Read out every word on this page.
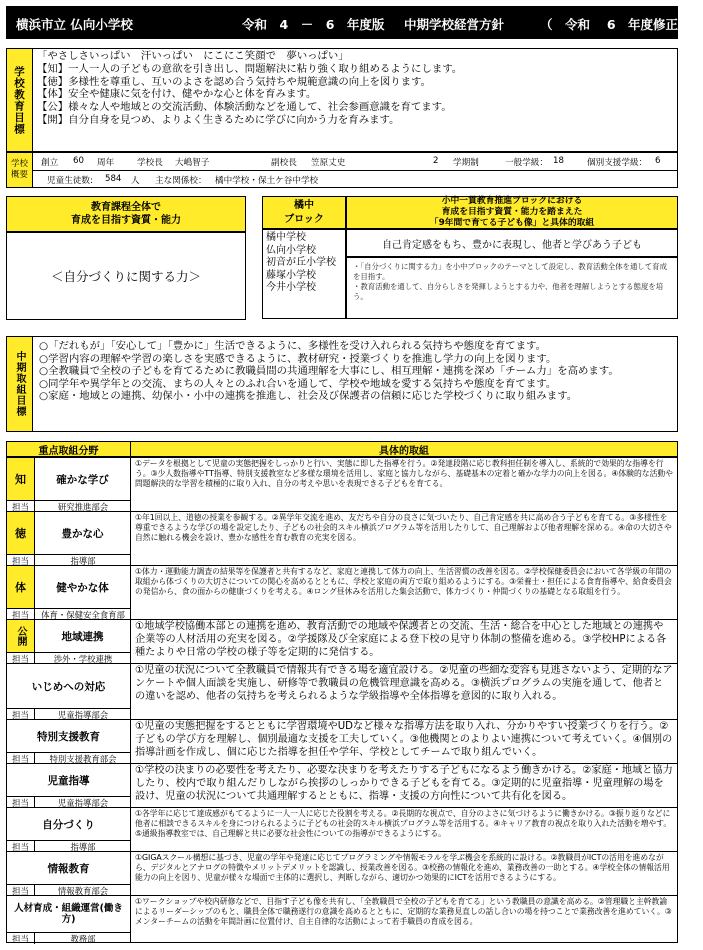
横浜市立 仏向小学校	令和　4　－　6　年度版 中期学校経営方針	（　令和　 6　年度修正　）
学校教育目標
「やさしさいっぱい　汗いっぱい　にこにこ笑顔で　夢いっぱい」
【知】一人一人の子どもの意欲を引き出し、問題解決に粘り強く取り組めるようにします。
【徳】多様性を尊重し、互いのよさを認め合う気持ちや規範意識の向上を図ります。
【体】安全や健康に気を付け、健やかな心と体を育みます。
【公】様々な人や地域との交流活動、体験活動などを通して、社会参画意識を育てます。
【開】自分自身を見つめ、よりよく生きるために学びに向かう力を育みます。
学校概要
創立 60 周年	学校長 大嶋智子	副校長 笠原丈史	2 学期制	一般学級： 18	個別支援学級： 6
児童生徒数: 584 人 主な関係校： 橘中学校・保土ケ谷中学校
教育課程全体で
育成を目指す資質・能力
＜自分づくりに関する力＞
橘中
ブロック
小中一貫教育推進ブロックにおける
育成を目指す資質・能力を踏まえた
「9年間で育てる子ども像」と具体的取組
橘中学校
仏向小学校
初音が丘小学校
藤塚小学校
今井小学校
自己肯定感をもち、豊かに表現し、他者と学びあう子ども
・「自分づくりに関する力」を小中ブロックのテーマとして設定し、教育活動全体を通して育成を目指す。
・教育活動を通して、自分らしさを発揮しようとする力や、他者を理解しようとする態度を培う。
中期取組目標
○「だれもが」「安心して」「豊かに」生活できるように、多様性を受け入れられる気持ちや態度を育てます。
○学習内容の理解や学習の楽しさを実感できるように、教材研究・授業づくりを推進し学力の向上を図ります。
○全教職員で全校の子どもを育てるために教職員間の共通理解を大事にし、相互理解・連携を深め「チーム力」を高めます。
○同学年や異学年との交流、まちの人々とのふれ合いを通して、学校や地域を愛する気持ちや態度を育てます。
○家庭・地域との連携、幼保小・小中の連携を推進し、社会及び保護者の信頼に応じた学校づくりに取り組みます。
重点取組分野	具体的取組
知	確かな学び
担当	研究推進部会
①データを根拠として児童の実態把握をしっかりと行い、実態に即した指導を行う。②発達段階に応じ教科担任制を導入し、系統的で効果的な指導を行う。③少人数指導やTT指導、特別支援教室など多様な環境を活用し、家庭と協力しながら、基礎基本の定着と確かな学力の向上を図る。④体験的な活動や問題解決的な学習を積極的に取り入れ、自分の考えや思いを表現できる子どもを育てる。
徳	豊かな心
担当	指導部
①年1回以上、道徳の授業を参観する。②異学年交流を進め、友だちや自分の良さに気づいたり、自己肯定感を共に高め合う子どもを育てる。③多様性を尊重できるような学びの場を設定したり、子どもの社会的スキル横浜プログラム等を活用したりして、自己理解および他者理解を深める。④命の大切さや自然に触れる機会を設け、豊かな感性を育む教育の充実を図る。
体	健やかな体
担当	体育・保健安全食育部
①体力・運動能力調査の結果等を保護者と共有するなど、家庭と連携して体力の向上、生活習慣の改善を図る。②学校保健委員会において各学級の年間の取組から体づくりの大切さについての関心を高めるとともに、学校と家庭の両方で取り組めるようにする。③栄養士・担任による食育指導や、給食委員会の発信から、食の面からの健康づくりを考える。④ロング昼休みを活用した集会活動で、体力づくり・仲間づくりの基礎となる取組を行う。
公開	地域連携
担当	渉外・学校連携
①地域学校協働本部との連携を進め、教育活動での地域や保護者との交流、生活・総合を中心とした地域との連携や企業等の人材活用の充実を図る。②学援隊及び全家庭による登下校の見守り体制の整備を進める。③学校HPによる各種たよりや日常の学校の様子等を定期的に発信する。
いじめへの対応
担当	児童指導部会
①児童の状況について全教職員で情報共有できる場を適宜設ける。②児童の些細な変容も見逃さないよう、定期的なアンケートや個人面談を実施し、研修等で教職員の危機管理意識を高める。③横浜プログラムの実施を通して、他者との違いを認め、他者の気持ちを考えられるような学級指導や全体指導を意図的に取り入れる。
特別支援教育
担当	特別支援教育部会
①児童の実態把握をするとともに学習環境やUDなど様々な指導方法を取り入れ、分かりやすい授業づくりを行う。②子どもの学び方を理解し、個別最適な支援を工夫していく。③他機関とのよりよい連携について考えていく。④個別の指導計画を作成し、個に応じた指導を担任や学年、学校としてチームで取り組んでいく。
児童指導
担当	児童指導部会
①学校の決まりの必要性を考えたり、必要な決まりを考えたりする子どもになるよう働きかける。②家庭・地域と協力したり、校内で取り組んだりしながら挨拶のしっかりできる子どもを育てる。③定期的に児童指導・児童理解の場を設け、児童の状況について共通理解するとともに、指導・支援の方向性について共有化を図る。
自分づくり
担当	指導部
①各学年に応じて達成感がもてるように一人一人に応じた役割を考える。②長期的な視点で、自分のよさに気づけるように働きかける。③振り返りなどに他者に相談できるスキルを身につけられるように子どもの社会的スキル横浜プログラム等を活用する。④キャリア教育の視点を取り入れた活動を増やす。⑤通級指導教室では、自己理解と共に必要な社会性についての指導ができるようにする。
情報教育
担当	情報教育部会
①GIGAスクール構想に基づき、児童の学年や発達に応じてプログラミングや情報モラルを学ぶ機会を系統的に設ける。②教職員がICTの活用を進めながら、デジタルとアナログの特徴やメリットデメリットを認識し、授業改善を図る。③校務の情報化を進め、業務改善の一助とする。④学校全体の情報活用能力の向上を図り、児童が様々な場面で主体的に選択し、判断しながら、適切かつ効果的にICTを活用できるようにする。
人材育成・組織運営(働き方)
担当	教務部
①ワークショップや校内研修などで、目指す子ども像を共有し、「全教職員で全校の子どもを育てる」という教職員の意識を高める。②管理職と主幹教諭によるリーダーシップのもと、職員全体で職務遂行の意識を高めるとともに、定期的な業務見直しの話し合いの場を持つことで業務改善を進めていく。③メンターチームの活動を年間計画に位置付け、自主自律的な活動によって若手職員の育成を図る。
